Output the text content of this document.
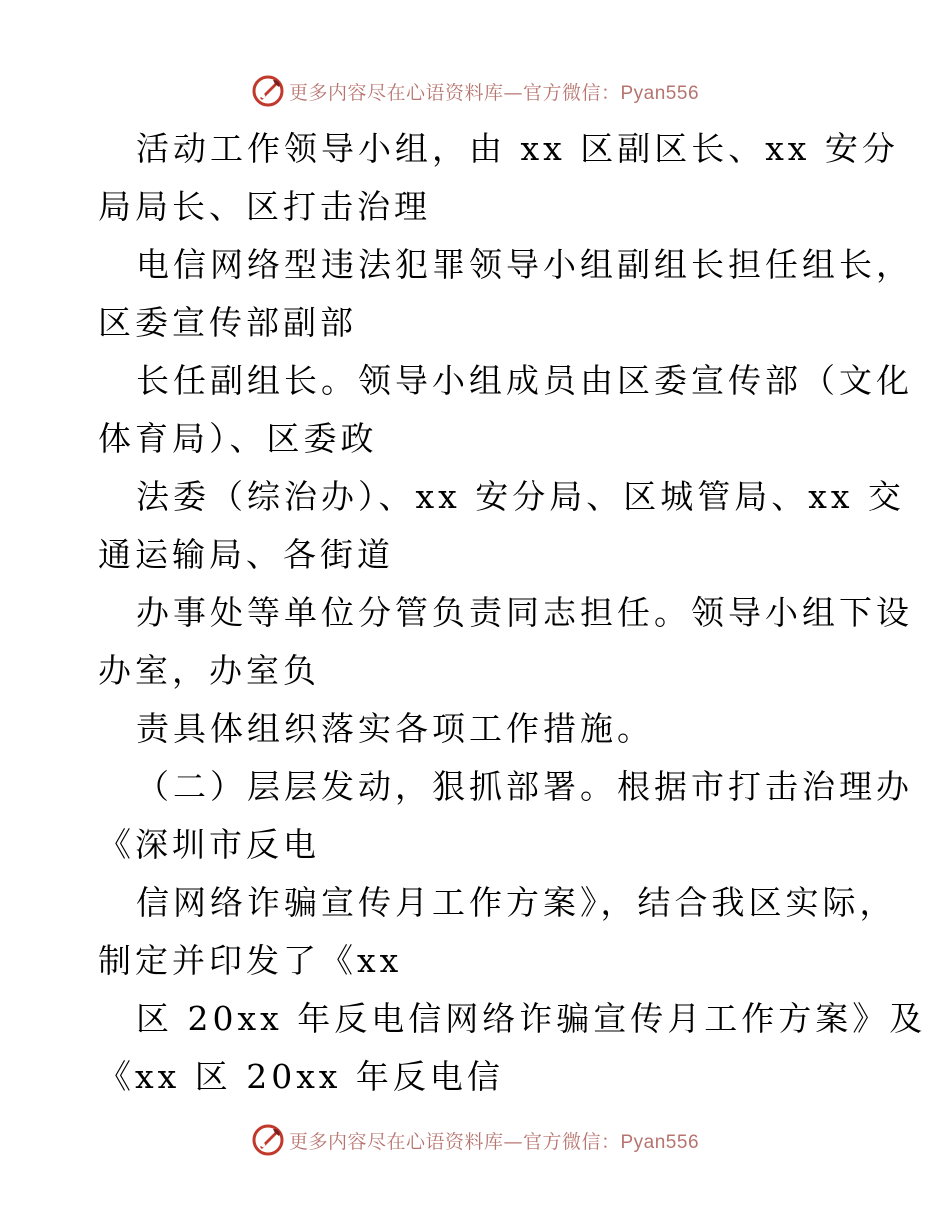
更多内容尽在心语资料库—官方微信：Pyan556
活动工作领导小组，由 xx 区副区长、xx 安分
局局长、区打击治理
电信网络型违法犯罪领导小组副组长担任组长，
区委宣传部副部
长任副组长。领导小组成员由区委宣传部（文化
体育局）、区委政
法委（综治办）、xx 安分局、区城管局、xx 交
通运输局、各街道
办事处等单位分管负责同志担任。领导小组下设
办室，办室负
责具体组织落实各项工作措施。
（二）层层发动，狠抓部署。根据市打击治理办
《深圳市反电
信网络诈骗宣传月工作方案》，结合我区实际，
制定并印发了《xx
区 20xx 年反电信网络诈骗宣传月工作方案》及
《xx 区 20xx 年反电信
更多内容尽在心语资料库—官方微信：Pyan556
